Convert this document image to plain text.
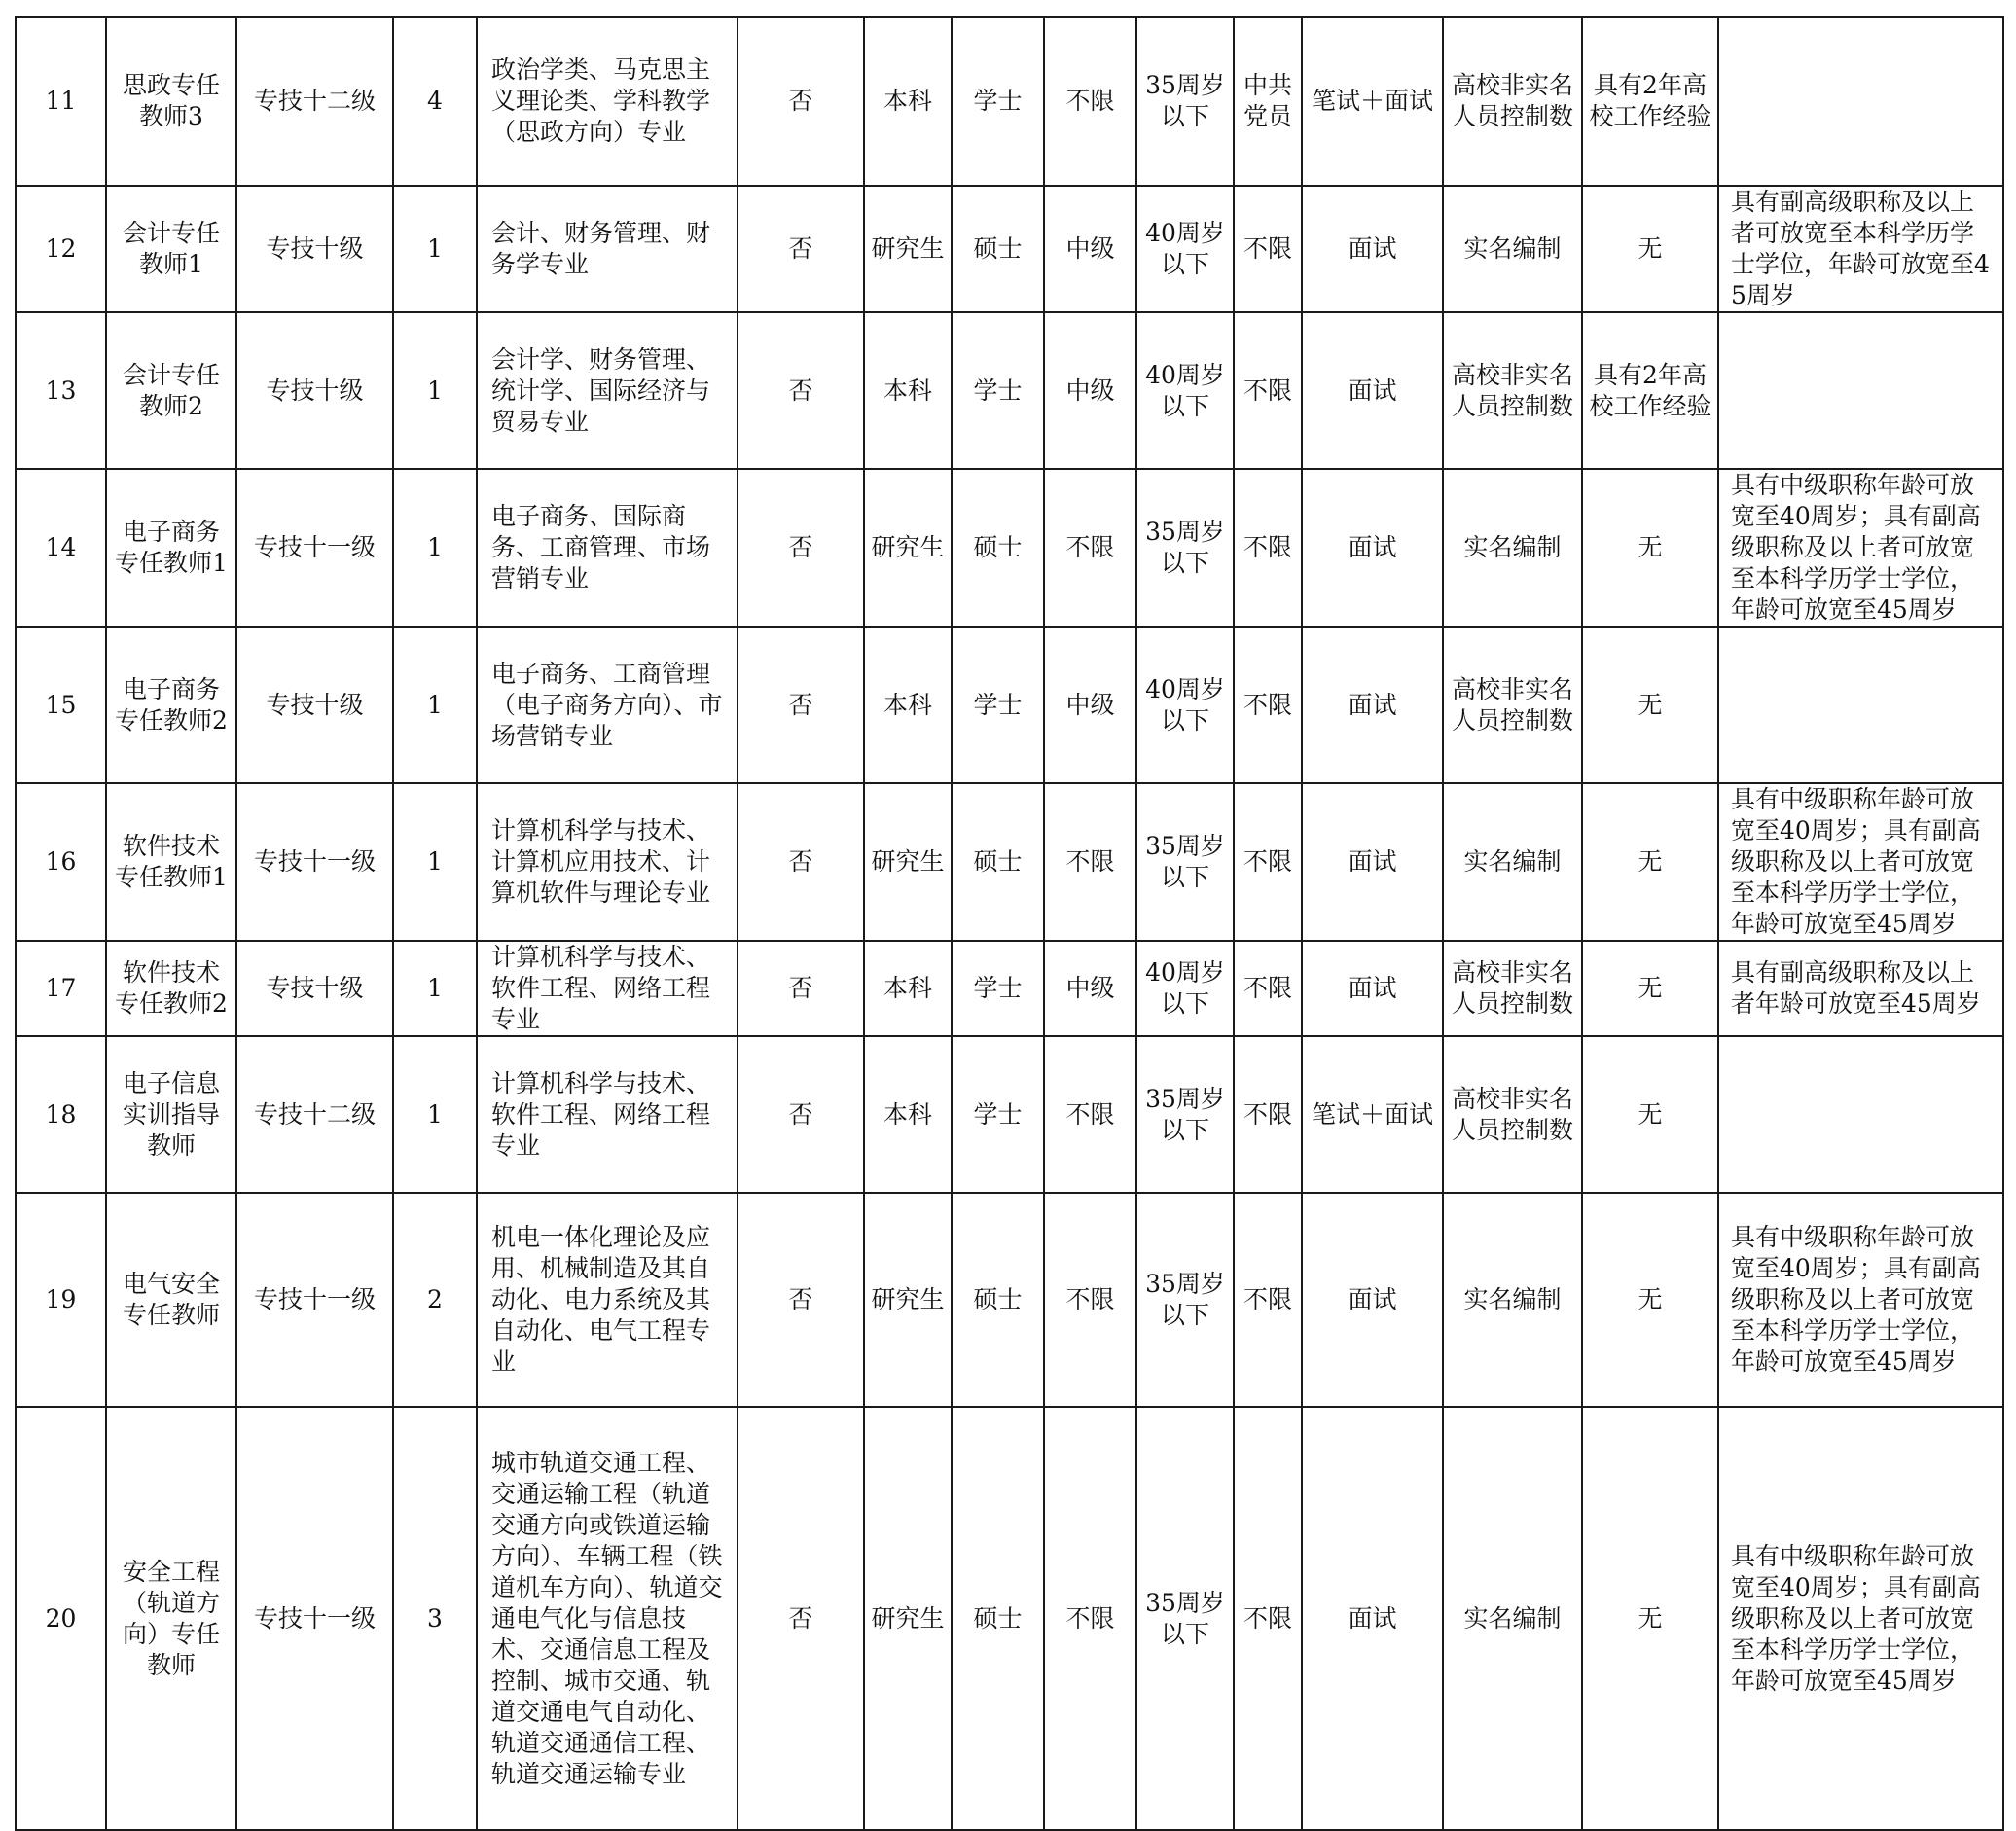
11	思政专任教师3	专技十二级	4	政治学类、马克思主义理论类、学科教学（思政方向）专业	否	本科	学士	不限	35周岁以下	中共党员	笔试＋面试	高校非实名人员控制数	具有2年高校工作经验	
12	会计专任教师1	专技十级	1	会计、财务管理、财务学专业	否	研究生	硕士	中级	40周岁以下	不限	面试	实名编制	无	具有副高级职称及以上者可放宽至本科学历学士学位，年龄可放宽至45周岁
13	会计专任教师2	专技十级	1	会计学、财务管理、统计学、国际经济与贸易专业	否	本科	学士	中级	40周岁以下	不限	面试	高校非实名人员控制数	具有2年高校工作经验	
14	电子商务专任教师1	专技十一级	1	电子商务、国际商务、工商管理、市场营销专业	否	研究生	硕士	不限	35周岁以下	不限	面试	实名编制	无	具有中级职称年龄可放宽至40周岁；具有副高级职称及以上者可放宽至本科学历学士学位，年龄可放宽至45周岁
15	电子商务专任教师2	专技十级	1	电子商务、工商管理（电子商务方向）、市场营销专业	否	本科	学士	中级	40周岁以下	不限	面试	高校非实名人员控制数	无	
16	软件技术专任教师1	专技十一级	1	计算机科学与技术、计算机应用技术、计算机软件与理论专业	否	研究生	硕士	不限	35周岁以下	不限	面试	实名编制	无	具有中级职称年龄可放宽至40周岁；具有副高级职称及以上者可放宽至本科学历学士学位，年龄可放宽至45周岁
17	软件技术专任教师2	专技十级	1	计算机科学与技术、软件工程、网络工程专业	否	本科	学士	中级	40周岁以下	不限	面试	高校非实名人员控制数	无	具有副高级职称及以上者年龄可放宽至45周岁
18	电子信息实训指导教师	专技十二级	1	计算机科学与技术、软件工程、网络工程专业	否	本科	学士	不限	35周岁以下	不限	笔试＋面试	高校非实名人员控制数	无	
19	电气安全专任教师	专技十一级	2	机电一体化理论及应用、机械制造及其自动化、电力系统及其自动化、电气工程专业	否	研究生	硕士	不限	35周岁以下	不限	面试	实名编制	无	具有中级职称年龄可放宽至40周岁；具有副高级职称及以上者可放宽至本科学历学士学位，年龄可放宽至45周岁
20	安全工程（轨道方向）专任教师	专技十一级	3	城市轨道交通工程、交通运输工程（轨道交通方向或铁道运输方向）、车辆工程（铁道机车方向）、轨道交通电气化与信息技术、交通信息工程及控制、城市交通、轨道交通电气自动化、轨道交通通信工程、轨道交通运输专业	否	研究生	硕士	不限	35周岁以下	不限	面试	实名编制	无	具有中级职称年龄可放宽至40周岁；具有副高级职称及以上者可放宽至本科学历学士学位，年龄可放宽至45周岁
